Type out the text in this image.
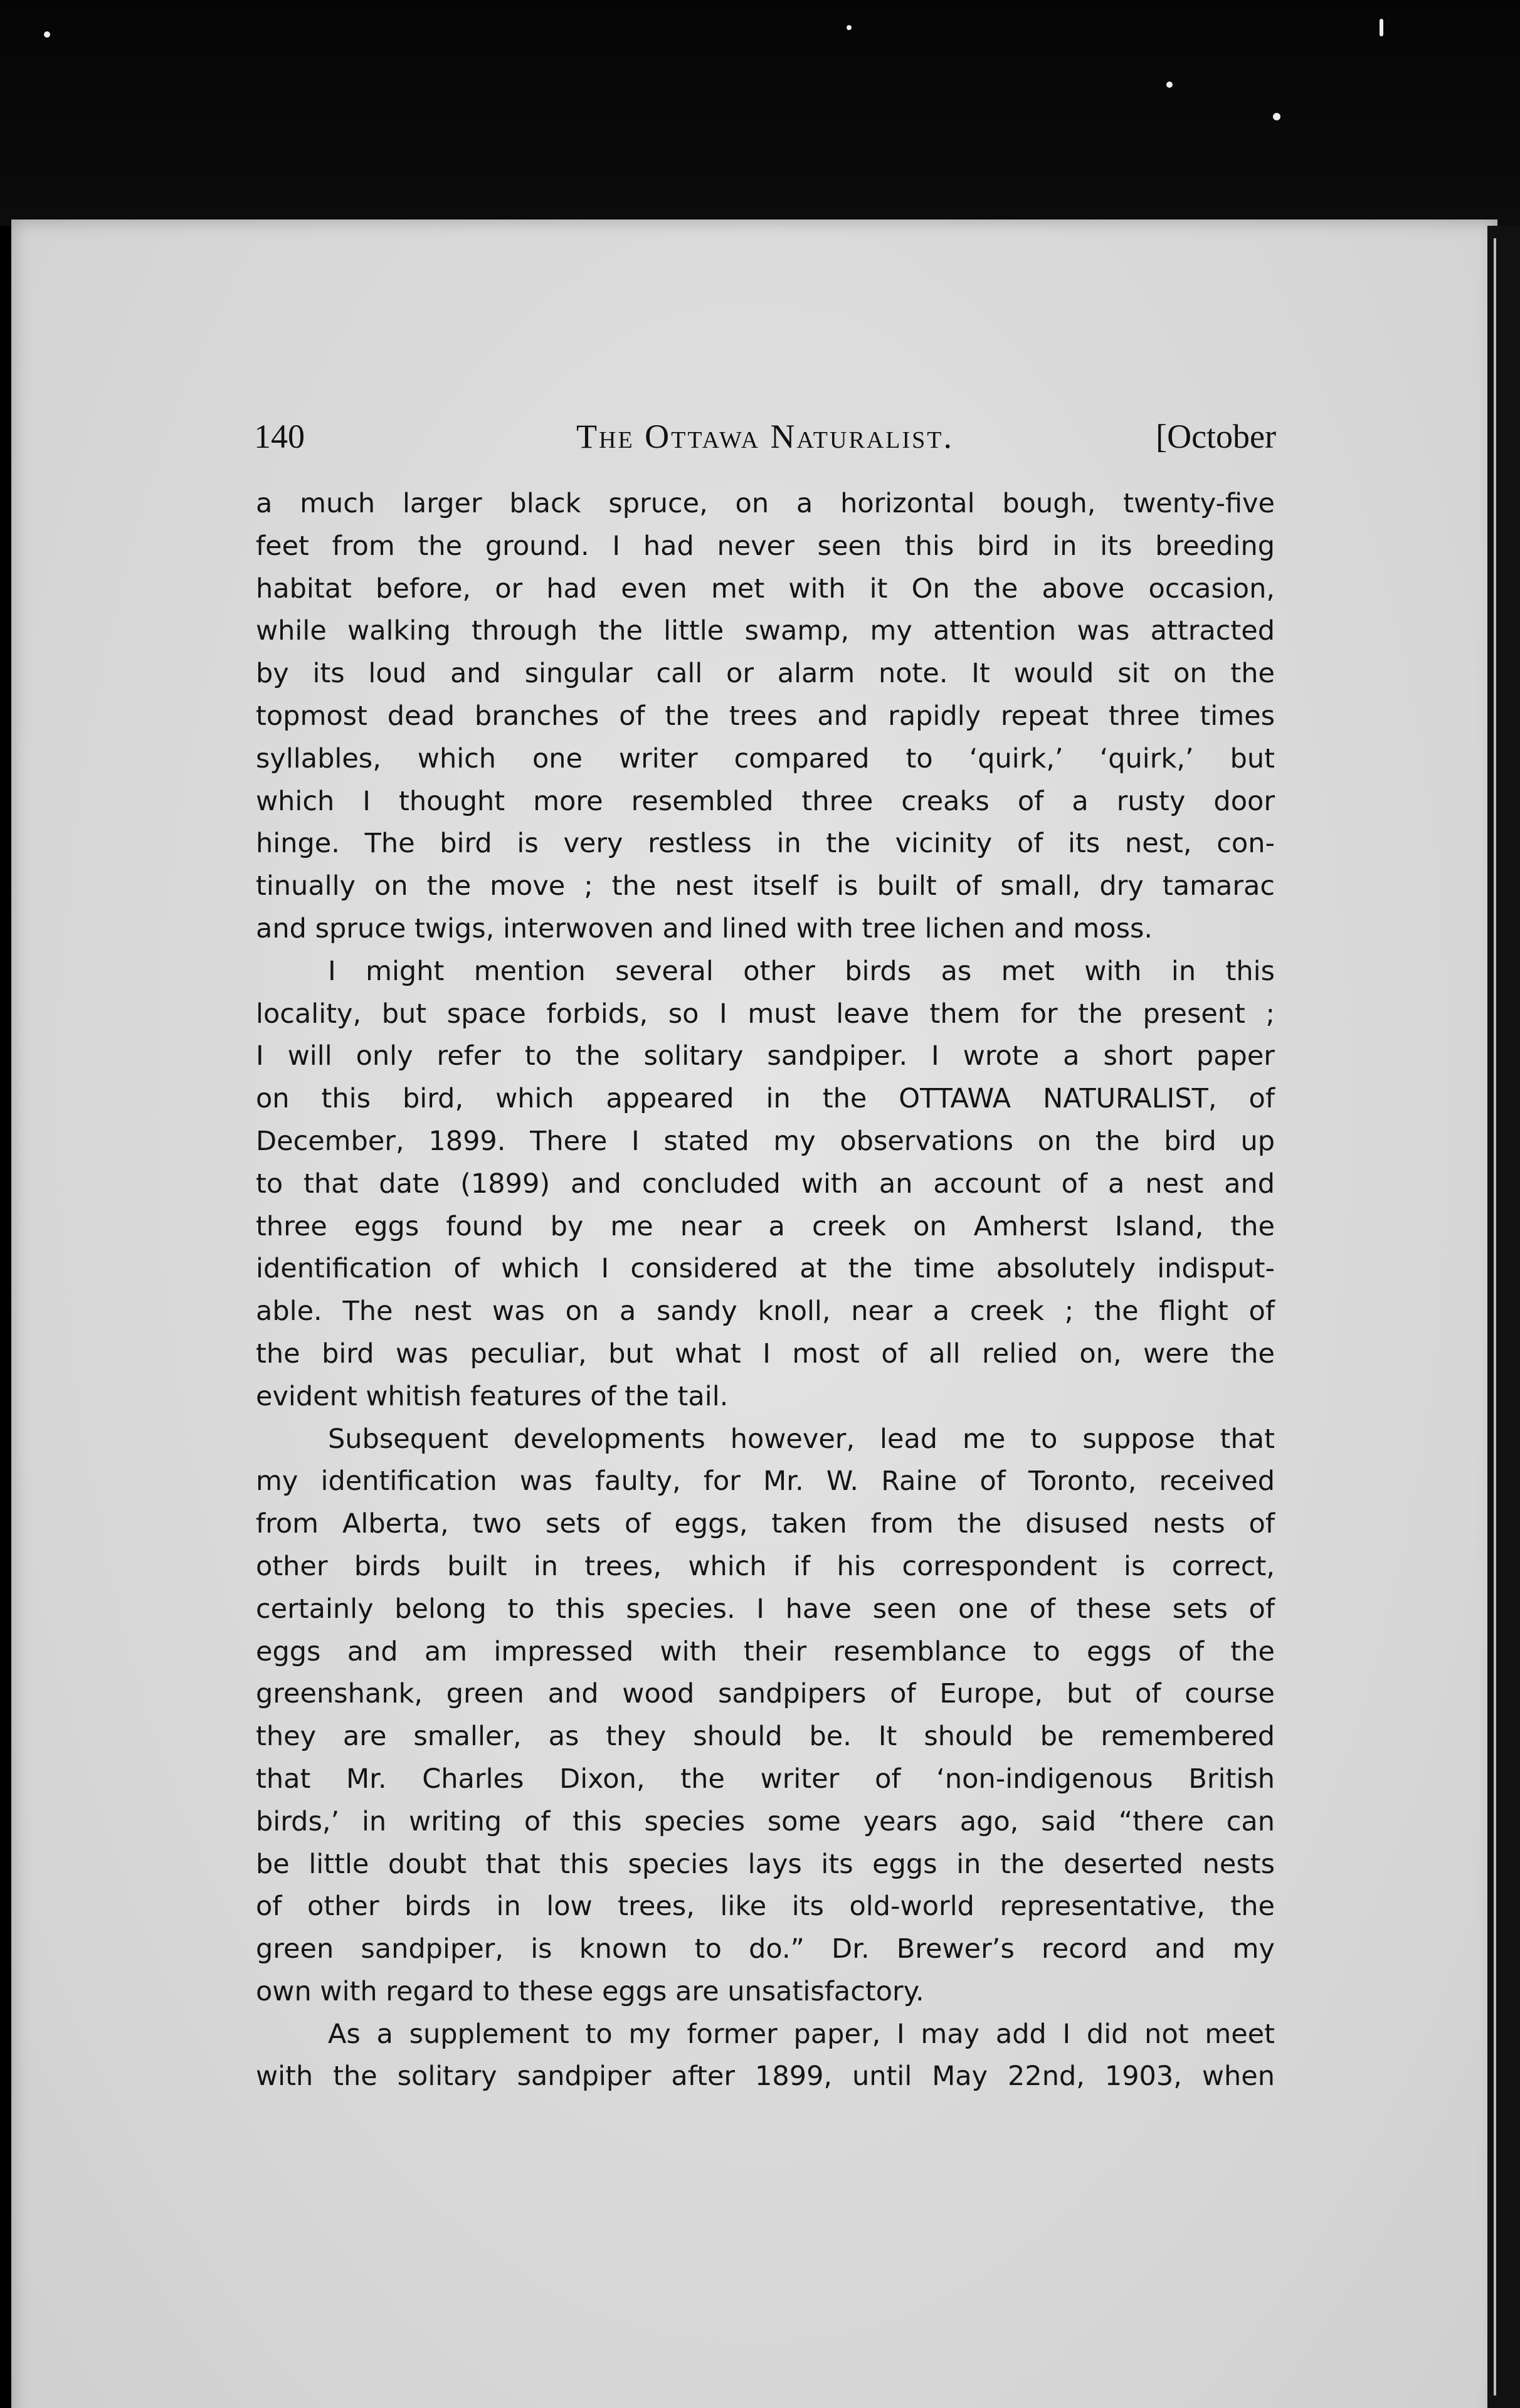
140	The Ottawa Naturalist.	[October
a much larger black spruce, on a horizontal bough, twenty-five
feet from the ground. I had never seen this bird in its breeding
habitat before, or had even met with it On the above occasion,
while walking through the little swamp, my attention was attracted
by its loud and singular call or alarm note. It would sit on the
topmost dead branches of the trees and rapidly repeat three times
syllables, which one writer compared to ‘quirk,’ ‘quirk,’ but
which I thought more resembled three creaks of a rusty door
hinge. The bird is very restless in the vicinity of its nest, con-
tinually on the move ; the nest itself is built of small, dry tamarac
and spruce twigs, interwoven and lined with tree lichen and moss.
I might mention several other birds as met with in this
locality, but space forbids, so I must leave them for the present ;
I will only refer to the solitary sandpiper. I wrote a short paper
on this bird, which appeared in the OTTAWA NATURALIST, of
December, 1899. There I stated my observations on the bird up
to that date (1899) and concluded with an account of a nest and
three eggs found by me near a creek on Amherst Island, the
identification of which I considered at the time absolutely indisput-
able. The nest was on a sandy knoll, near a creek ; the flight of
the bird was peculiar, but what I most of all relied on, were the
evident whitish features of the tail.
Subsequent developments however, lead me to suppose that
my identification was faulty, for Mr. W. Raine of Toronto, received
from Alberta, two sets of eggs, taken from the disused nests of
other birds built in trees, which if his correspondent is correct,
certainly belong to this species. I have seen one of these sets of
eggs and am impressed with their resemblance to eggs of the
greenshank, green and wood sandpipers of Europe, but of course
they are smaller, as they should be. It should be remembered
that Mr. Charles Dixon, the writer of ‘non-indigenous British
birds,’ in writing of this species some years ago, said “there can
be little doubt that this species lays its eggs in the deserted nests
of other birds in low trees, like its old-world representative, the
green sandpiper, is known to do.” Dr. Brewer’s record and my
own with regard to these eggs are unsatisfactory.
As a supplement to my former paper, I may add I did not meet
with the solitary sandpiper after 1899, until May 22nd, 1903, when
